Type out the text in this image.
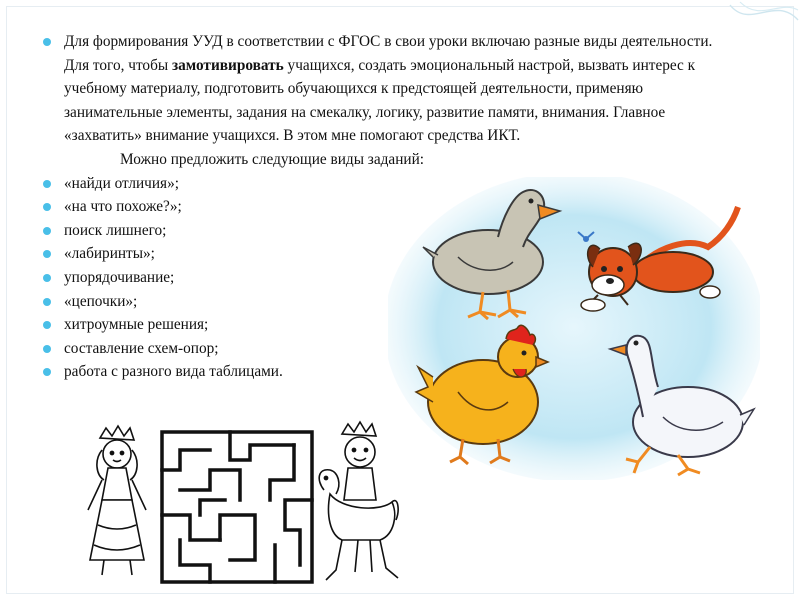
Для формирования УУД в соответствии с ФГОС в свои уроки включаю разные виды деятельности. Для того, чтобы замотивировать учащихся, создать эмоциональный настрой, вызвать интерес к учебному материалу, подготовить обучающихся к предстоящей деятельности, применяю занимательные элементы, задания на смекалку, логику, развитие памяти, внимания. Главное «захватить» внимание учащихся. В этом мне помогают средства ИКТ.
Можно предложить следующие виды заданий:
«найди отличия»;
«на что похоже?»;
поиск лишнего;
«лабиринты»;
упорядочивание;
«цепочки»;
хитроумные решения;
составление схем-опор;
работа с разного вида таблицами.
